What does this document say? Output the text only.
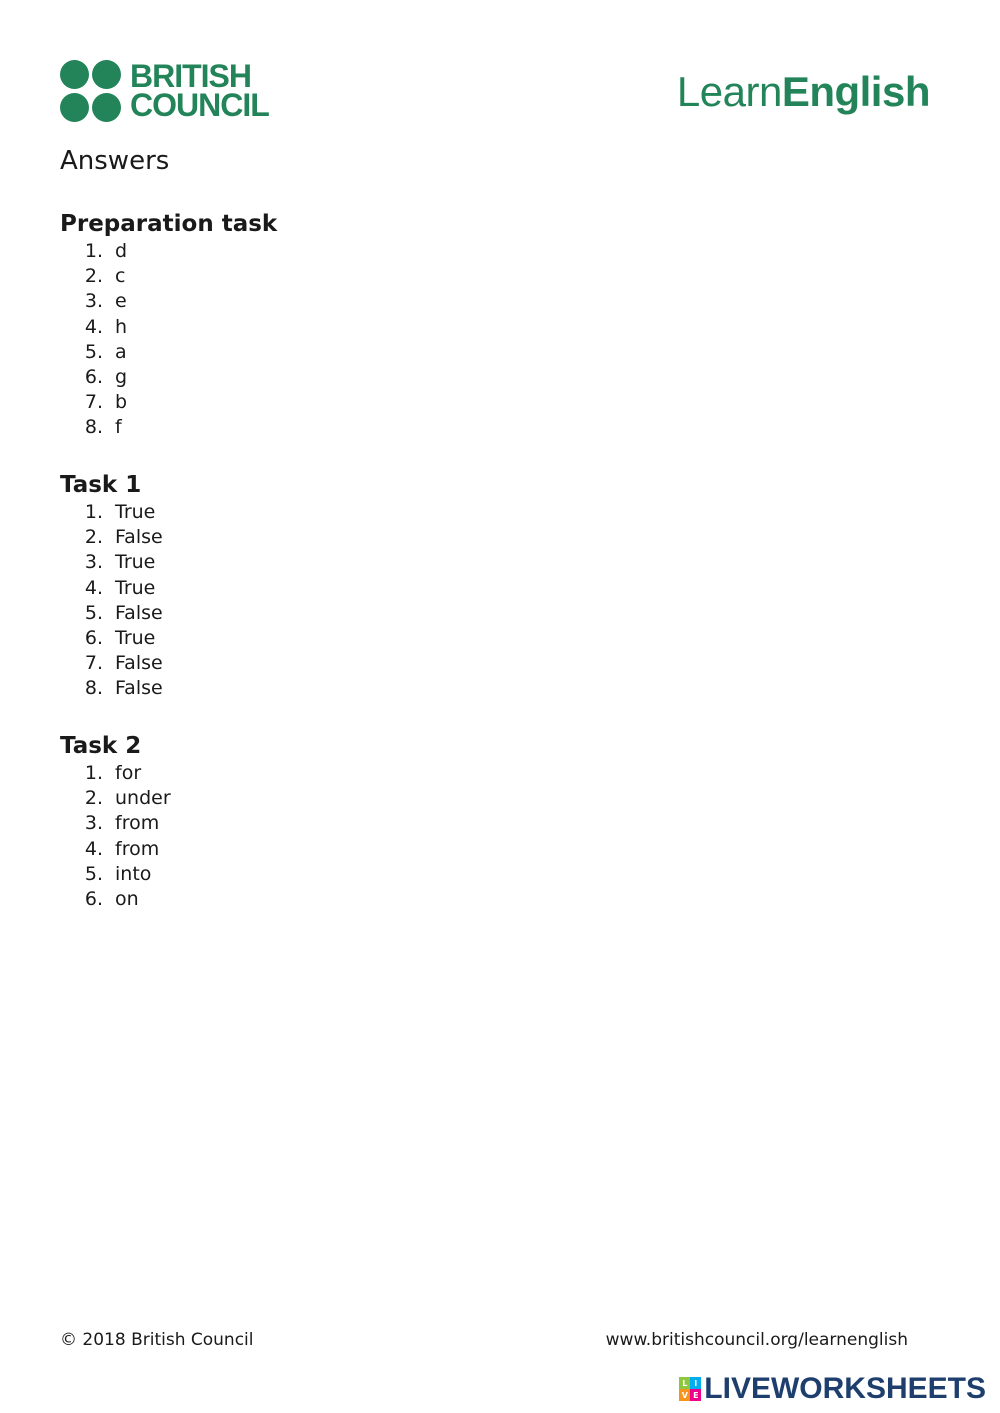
BRITISH
COUNCIL	LearnEnglish
Answers
Preparation task
1. d
2. c
3. e
4. h
5. a
6. g
7. b
8. f
Task 1
1. True
2. False
3. True
4. True
5. False
6. True
7. False
8. False
Task 2
1. for
2. under
3. from
4. from
5. into
6. on
© 2018 British Council	www.britishcouncil.org/learnenglish
L I
V E LIVEWORKSHEETS
